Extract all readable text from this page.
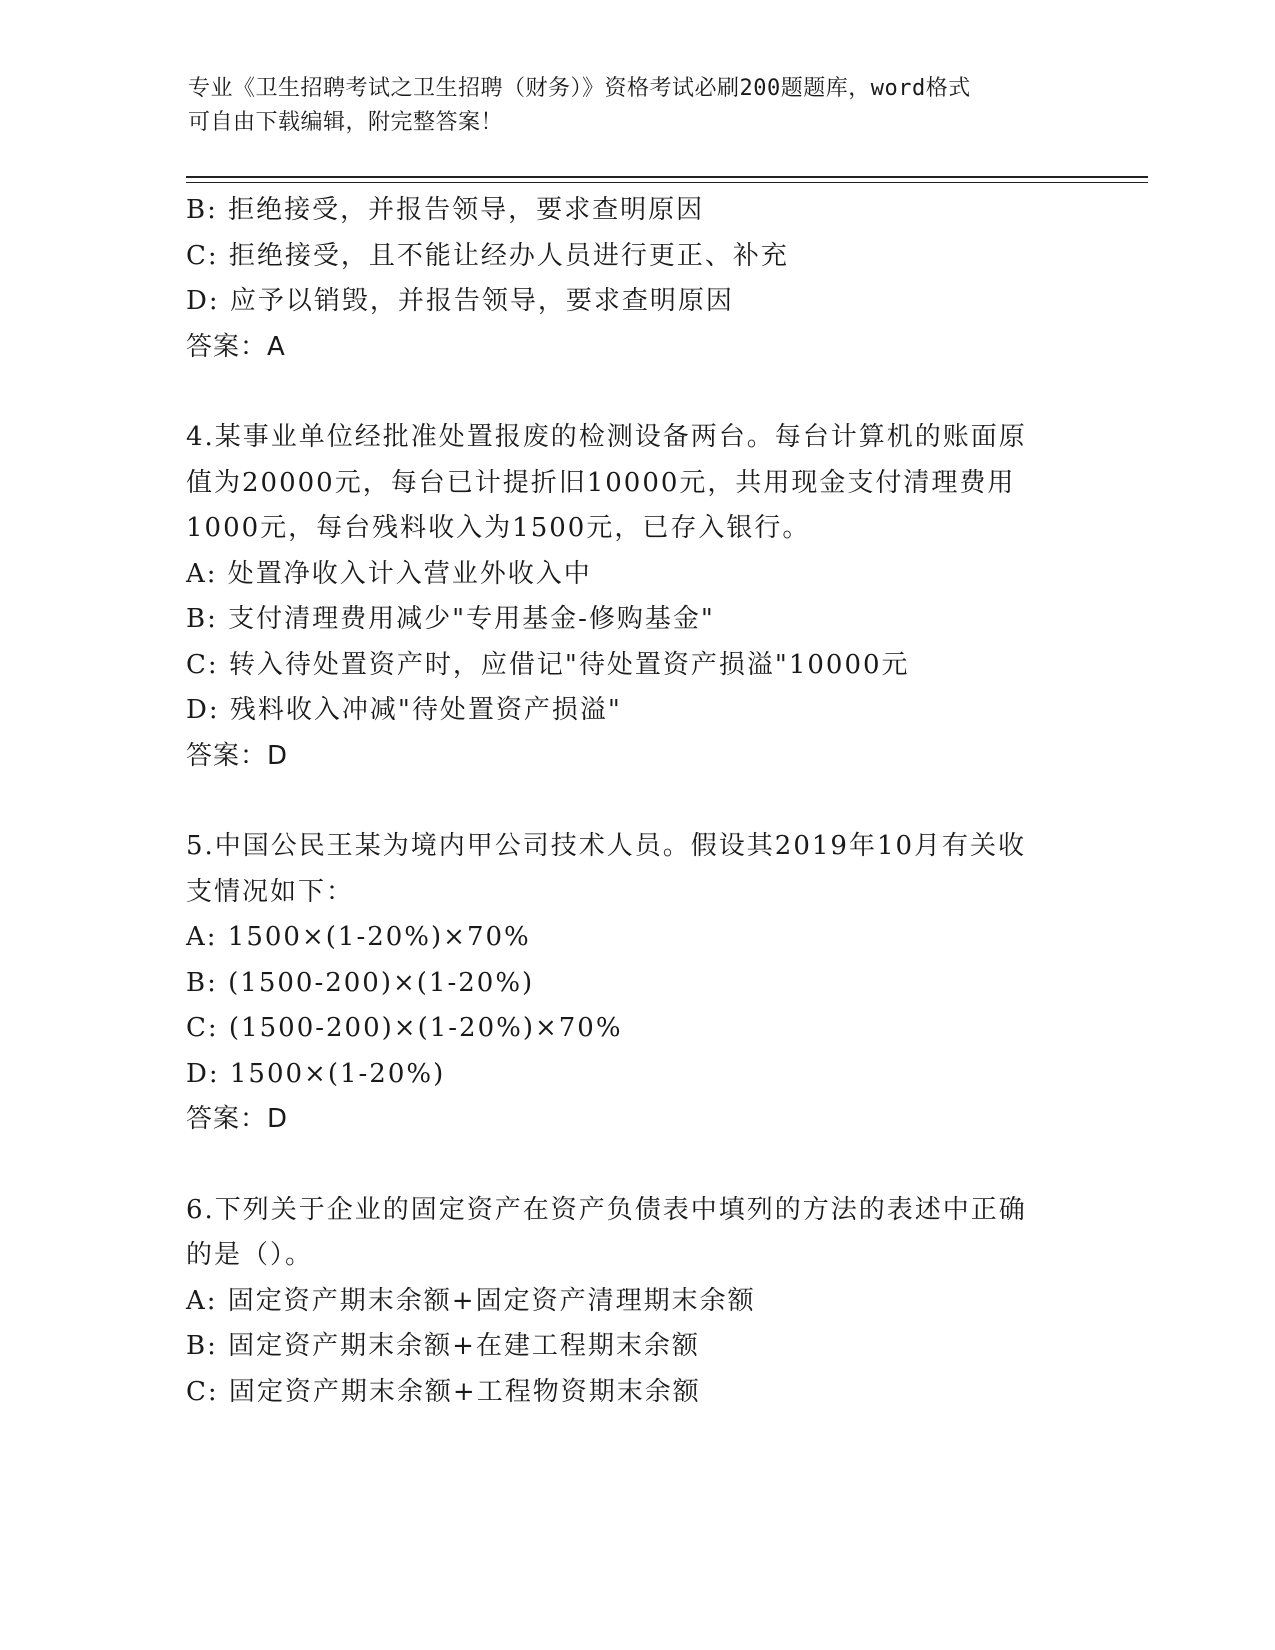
专业《卫生招聘考试之卫生招聘（财务）》资格考试必刷200题题库，word格式
可自由下载编辑，附完整答案！
B: 拒绝接受，并报告领导，要求查明原因
C: 拒绝接受，且不能让经办人员进行更正、补充
D: 应予以销毁，并报告领导，要求查明原因
答案：A
4.某事业单位经批准处置报废的检测设备两台。每台计算机的账面原
值为20000元，每台已计提折旧10000元，共用现金支付清理费用
1000元，每台残料收入为1500元，已存入银行。
A: 处置净收入计入营业外收入中
B: 支付清理费用减少"专用基金-修购基金"
C: 转入待处置资产时，应借记"待处置资产损溢"10000元
D: 残料收入冲减"待处置资产损溢"
答案：D
5.中国公民王某为境内甲公司技术人员。假设其2019年10月有关收
支情况如下：
A: 1500×(1-20%)×70%
B: (1500-200)×(1-20%)
C: (1500-200)×(1-20%)×70%
D: 1500×(1-20%)
答案：D
6.下列关于企业的固定资产在资产负债表中填列的方法的表述中正确
的是（）。
A: 固定资产期末余额+固定资产清理期末余额
B: 固定资产期末余额+在建工程期末余额
C: 固定资产期末余额+工程物资期末余额
